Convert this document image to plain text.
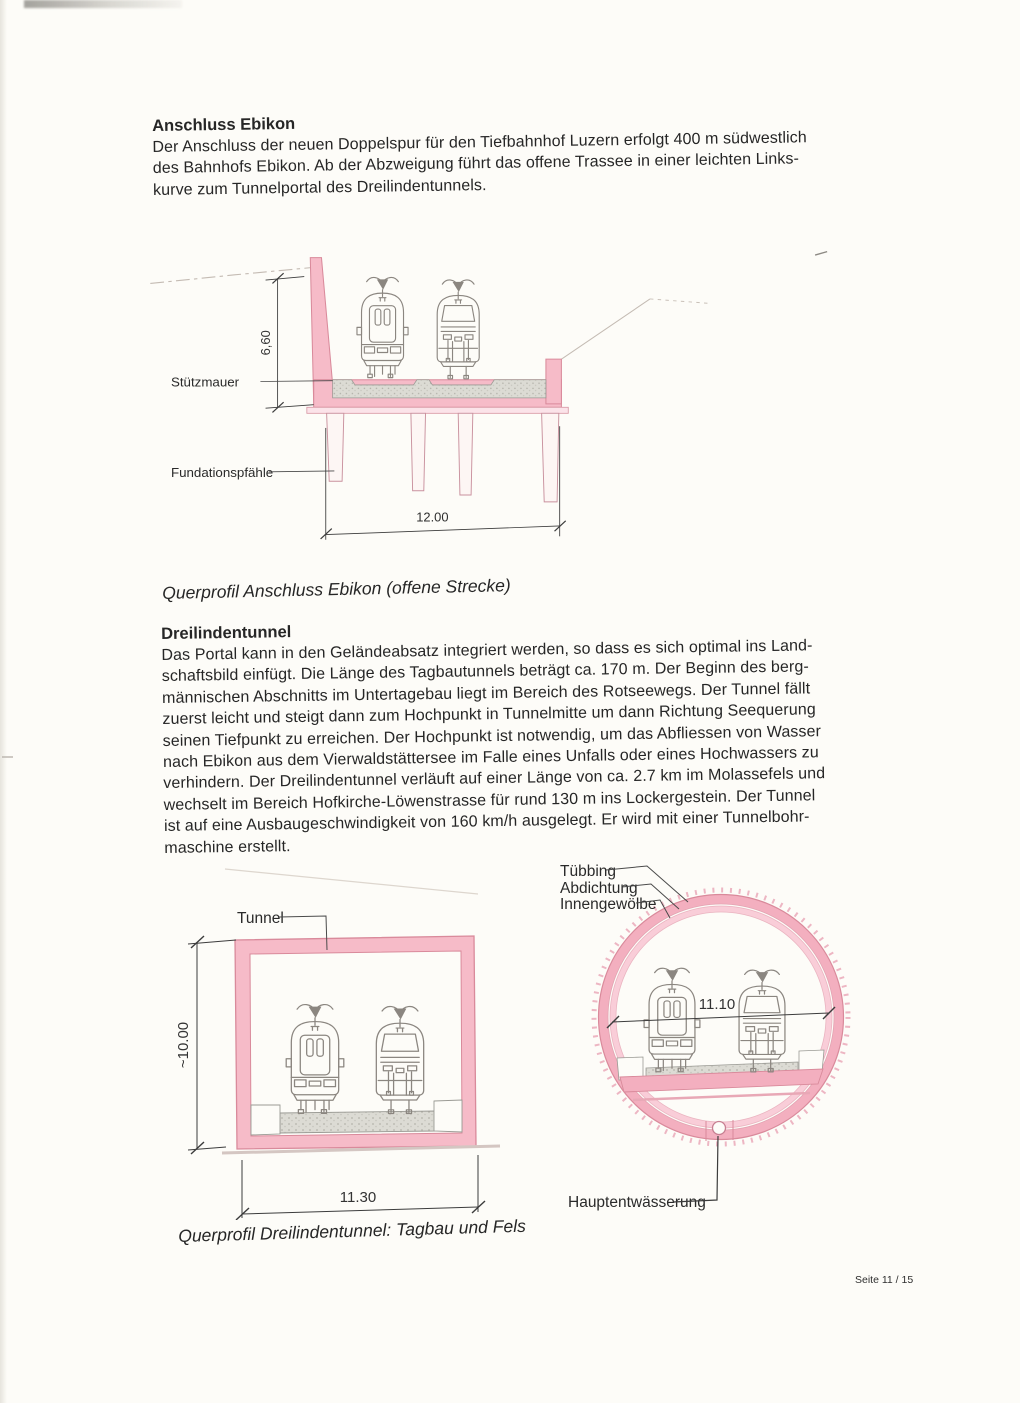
Anschluss Ebikon
Der Anschluss der neuen Doppelspur für den Tiefbahnhof Luzern erfolgt 400 m südwestlich
des Bahnhofs Ebikon. Ab der Abzweigung führt das offene Trassee in einer leichten Links-
kurve zum Tunnelportal des Dreilindentunnels.
6,60
Stützmauer
Fundationspfähle
12.00
Querprofil Anschluss Ebikon (offene Strecke)
Dreilindentunnel
Das Portal kann in den Geländeabsatz integriert werden, so dass es sich optimal ins Land-
schaftsbild einfügt. Die Länge des Tagbautunnels beträgt ca. 170 m. Der Beginn des berg-
männischen Abschnitts im Untertagebau liegt im Bereich des Rotseewegs. Der Tunnel fällt
zuerst leicht und steigt dann zum Hochpunkt in Tunnelmitte um dann Richtung Seequerung
seinen Tiefpunkt zu erreichen. Der Hochpunkt ist notwendig, um das Abfliessen von Wasser
nach Ebikon aus dem Vierwaldstättersee im Falle eines Unfalls oder eines Hochwassers zu
verhindern. Der Dreilindentunnel verläuft auf einer Länge von ca. 2.7 km im Molassefels und
wechselt im Bereich Hofkirche-Löwenstrasse für rund 130 m ins Lockergestein. Der Tunnel
ist auf eine Ausbaugeschwindigkeit von 160 km/h ausgelegt. Er wird mit einer Tunnelbohr-
maschine erstellt.
Tunnel
~10.00
11.30
11.10
Tübbing
Abdichtung
Innengewölbe
Hauptentwässerung
Querprofil Dreilindentunnel: Tagbau und Fels
Seite 11 / 15
